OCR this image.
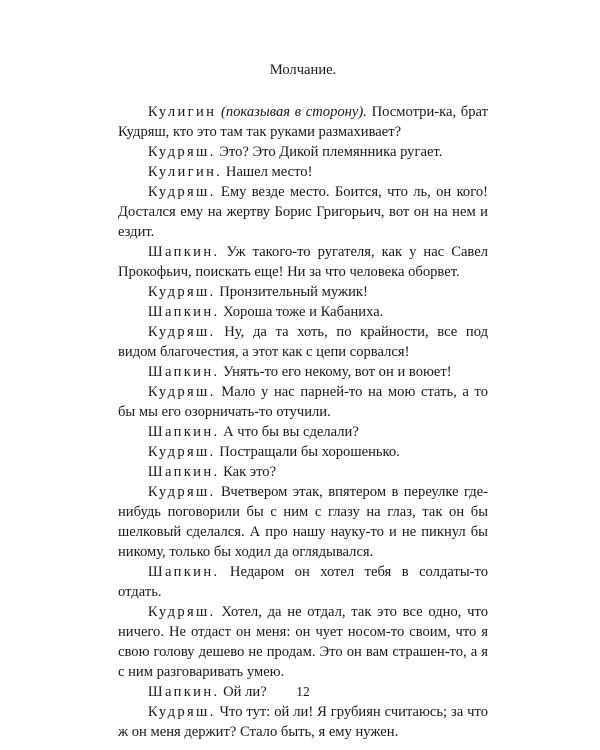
Молчание.

Кулигин (показывая в сторону). Посмотри-ка, брат Кудряш, кто это там так руками размахивает?

Кудряш. Это? Это Дикой племянника ругает.

Кулигин. Нашел место!

Кудряш. Ему везде место. Боится, что ль, он кого! Достался ему на жертву Борис Григорьич, вот он на нем и ездит.

Шапкин. Уж такого-то ругателя, как у нас Савел Прокофьич, поискать еще! Ни за что человека оборвет.

Кудряш. Пронзительный мужик!

Шапкин. Хороша тоже и Кабаниха.

Кудряш. Ну, да та хоть, по крайности, все под видом благочестия, а этот как с цепи сорвался!

Шапкин. Унять-то его некому, вот он и воюет!

Кудряш. Мало у нас парней-то на мою стать, а то бы мы его озорничать-то отучили.

Шапкин. А что бы вы сделали?

Кудряш. Постращали бы хорошенько.

Шапкин. Как это?

Кудряш. Вчетвером этак, впятером в переулке где-нибудь поговорили бы с ним с глазу на глаз, так он бы шелковый сделался. А про нашу науку-то и не пикнул бы никому, только бы ходил да оглядывался.

Шапкин. Недаром он хотел тебя в солдаты-то отдать.

Кудряш. Хотел, да не отдал, так это все одно, что ничего. Не отдаст он меня: он чует носом-то своим, что я свою голову дешево не продам. Это он вам страшен-то, а я с ним разговаривать умею.

Шапкин. Ой ли?

Кудряш. Что тут: ой ли! Я грубиян считаюсь; за что ж он меня держит? Стало быть, я ему нужен.

12
